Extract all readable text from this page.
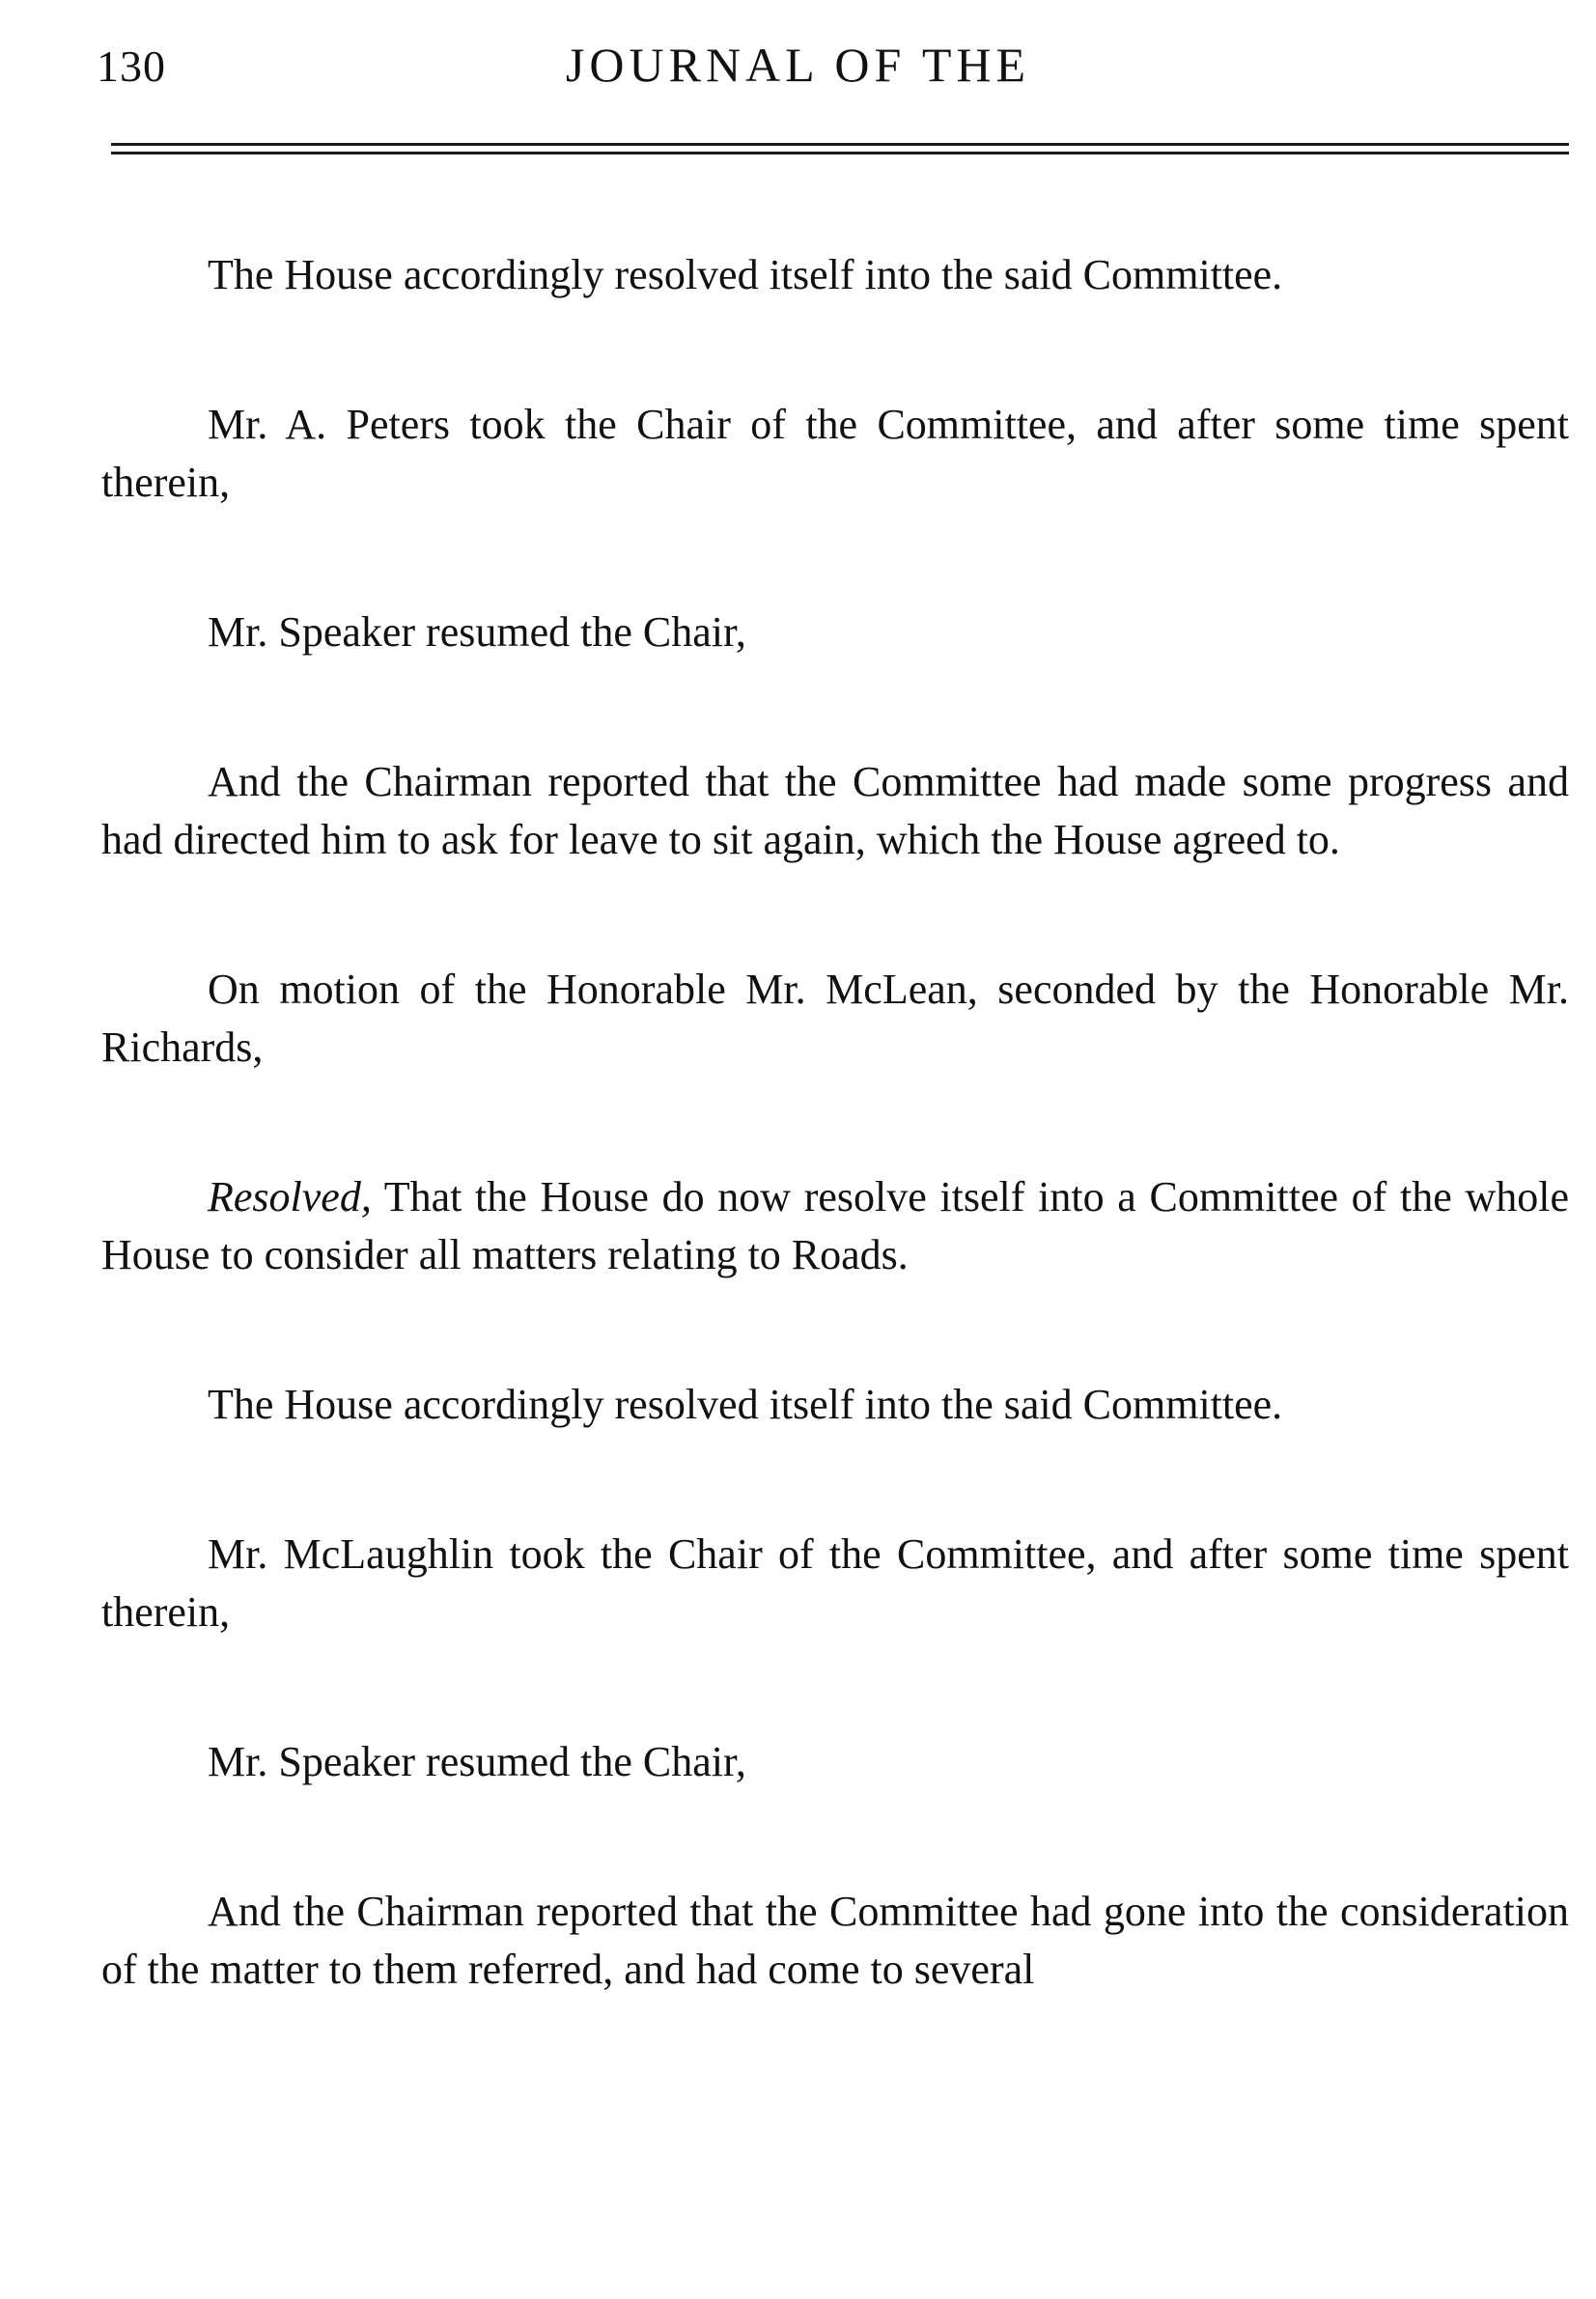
130	JOURNAL OF THE

The House accordingly resolved itself into the said Committee.

Mr. A. Peters took the Chair of the Committee, and after some time spent therein,

Mr. Speaker resumed the Chair,

And the Chairman reported that the Committee had made some progress and had directed him to ask for leave to sit again, which the House agreed to.

On motion of the Honorable Mr. McLean, seconded by the Honorable Mr. Richards,

Resolved, That the House do now resolve itself into a Committee of the whole House to consider all matters relating to Roads.

The House accordingly resolved itself into the said Committee.

Mr. McLaughlin took the Chair of the Committee, and after some time spent therein,

Mr. Speaker resumed the Chair,

And the Chairman reported that the Committee had gone into the consideration of the matter to them referred, and had come to several
